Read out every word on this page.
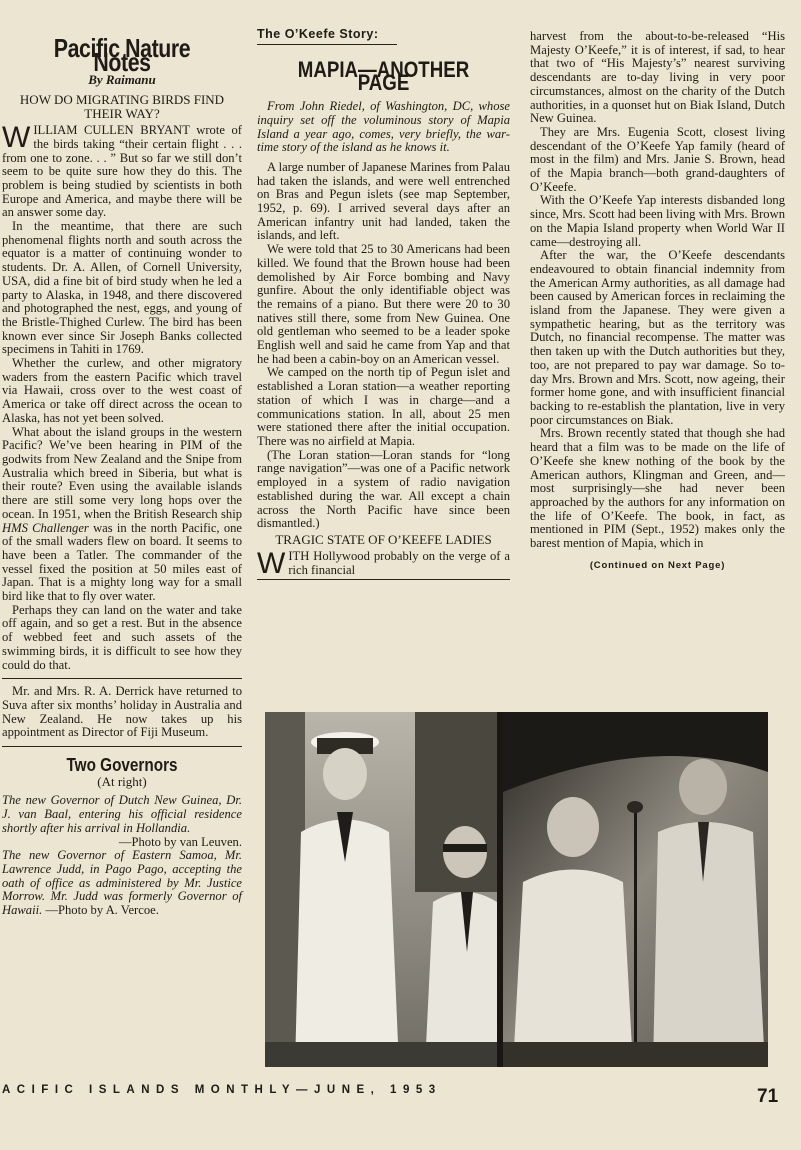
Pacific Nature Notes
By Raimanu
HOW DO MIGRATING BIRDS FIND THEIR WAY?

WILLIAM CULLEN BRYANT wrote of the birds taking “their certain flight . . . from one to zone. . . ” But so far we still don’t seem to be quite sure how they do this. The problem is being studied by scientists in both Europe and America, and maybe there will be an answer some day.

In the meantime, that there are such phenomenal flights north and south across the equator is a matter of continuing wonder to students. Dr. A. Allen, of Cornell University, USA, did a fine bit of bird study when he led a party to Alaska, in 1948, and there discovered and photographed the nest, eggs, and young of the Bristle-Thighed Curlew. The bird has been known ever since Sir Joseph Banks collected specimens in Tahiti in 1769.

Whether the curlew, and other migratory waders from the eastern Pacific which travel via Hawaii, cross over to the west coast of America or take off direct across the ocean to Alaska, has not yet been solved.

What about the island groups in the western Pacific? We’ve been hearing in PIM of the godwits from New Zealand and the Snipe from Australia which breed in Siberia, but what is their route? Even using the available islands there are still some very long hops over the ocean. In 1951, when the British Research ship HMS Challenger was in the north Pacific, one of the small waders flew on board. It seems to have been a Tatler. The commander of the vessel fixed the position at 50 miles east of Japan. That is a mighty long way for a small bird like that to fly over water.

Perhaps they can land on the water and take off again, and so get a rest. But in the absence of webbed feet and such assets of the swimming birds, it is difficult to see how they could do that.

Mr. and Mrs. R. A. Derrick have returned to Suva after six months’ holiday in Australia and New Zealand. He now takes up his appointment as Director of Fiji Museum.

Two Governors
(At right)

The new Governor of Dutch New Guinea, Dr. J. van Baal, entering his official residence shortly after his arrival in Hollandia.
—Photo by van Leuven.

The new Governor of Eastern Samoa, Mr. Lawrence Judd, in Pago Pago, accepting the oath of office as administered by Mr. Justice Morrow. Mr. Judd was formerly Governor of Hawaii. —Photo by A. Vercoe.

The O’Keefe Story:
MAPIA—ANOTHER PAGE

From John Riedel, of Washington, DC, whose inquiry set off the voluminous story of Mapia Island a year ago, comes, very briefly, the war-time story of the island as he knows it.

A large number of Japanese Marines from Palau had taken the islands, and were well entrenched on Bras and Pegun islets (see map September, 1952, p. 69). I arrived several days after an American infantry unit had landed, taken the islands, and left.

We were told that 25 to 30 Americans had been killed. We found that the Brown house had been demolished by Air Force bombing and Navy gunfire. About the only identifiable object was the remains of a piano. But there were 20 to 30 natives still there, some from New Guinea. One old gentleman who seemed to be a leader spoke English well and said he came from Yap and that he had been a cabin-boy on an American vessel.

We camped on the north tip of Pegun islet and established a Loran station—a weather reporting station of which I was in charge—and a communications station. In all, about 25 men were stationed there after the initial occupation. There was no airfield at Mapia.

(The Loran station—Loran stands for “long range navigation”—was one of a Pacific network employed in a system of radio navigation established during the war. All except a chain across the North Pacific have since been dismantled.)

TRAGIC STATE OF O’KEEFE LADIES

WITH Hollywood probably on the verge of a rich financial

harvest from the about-to-be-released “His Majesty O’Keefe,” it is of interest, if sad, to hear that two of “His Majesty’s” nearest surviving descendants are to-day living in very poor circumstances, almost on the charity of the Dutch authorities, in a quonset hut on Biak Island, Dutch New Guinea.

They are Mrs. Eugenia Scott, closest living descendant of the O’Keefe Yap family (heard of most in the film) and Mrs. Janie S. Brown, head of the Mapia branch—both grand-daughters of O’Keefe.

With the O’Keefe Yap interests disbanded long since, Mrs. Scott had been living with Mrs. Brown on the Mapia Island property when World War II came—destroying all.

After the war, the O’Keefe descendants endeavoured to obtain financial indemnity from the American Army authorities, as all damage had been caused by American forces in reclaiming the island from the Japanese. They were given a sympathetic hearing, but as the territory was Dutch, no financial recompense. The matter was then taken up with the Dutch authorities but they, too, are not prepared to pay war damage. So to-day Mrs. Brown and Mrs. Scott, now ageing, their former home gone, and with insufficient financial backing to re-establish the plantation, live in very poor circumstances on Biak.

Mrs. Brown recently stated that though she had heard that a film was to be made on the life of O’Keefe she knew nothing of the book by the American authors, Klingman and Green, and—most surprisingly—she had never been approached by the authors for any information on the life of O’Keefe. The book, in fact, as mentioned in PIM (Sept., 1952) makes only the barest mention of Mapia, which in

(Continued on Next Page)
ACIFIC ISLANDS MONTHLY—JUNE, 1953	71
